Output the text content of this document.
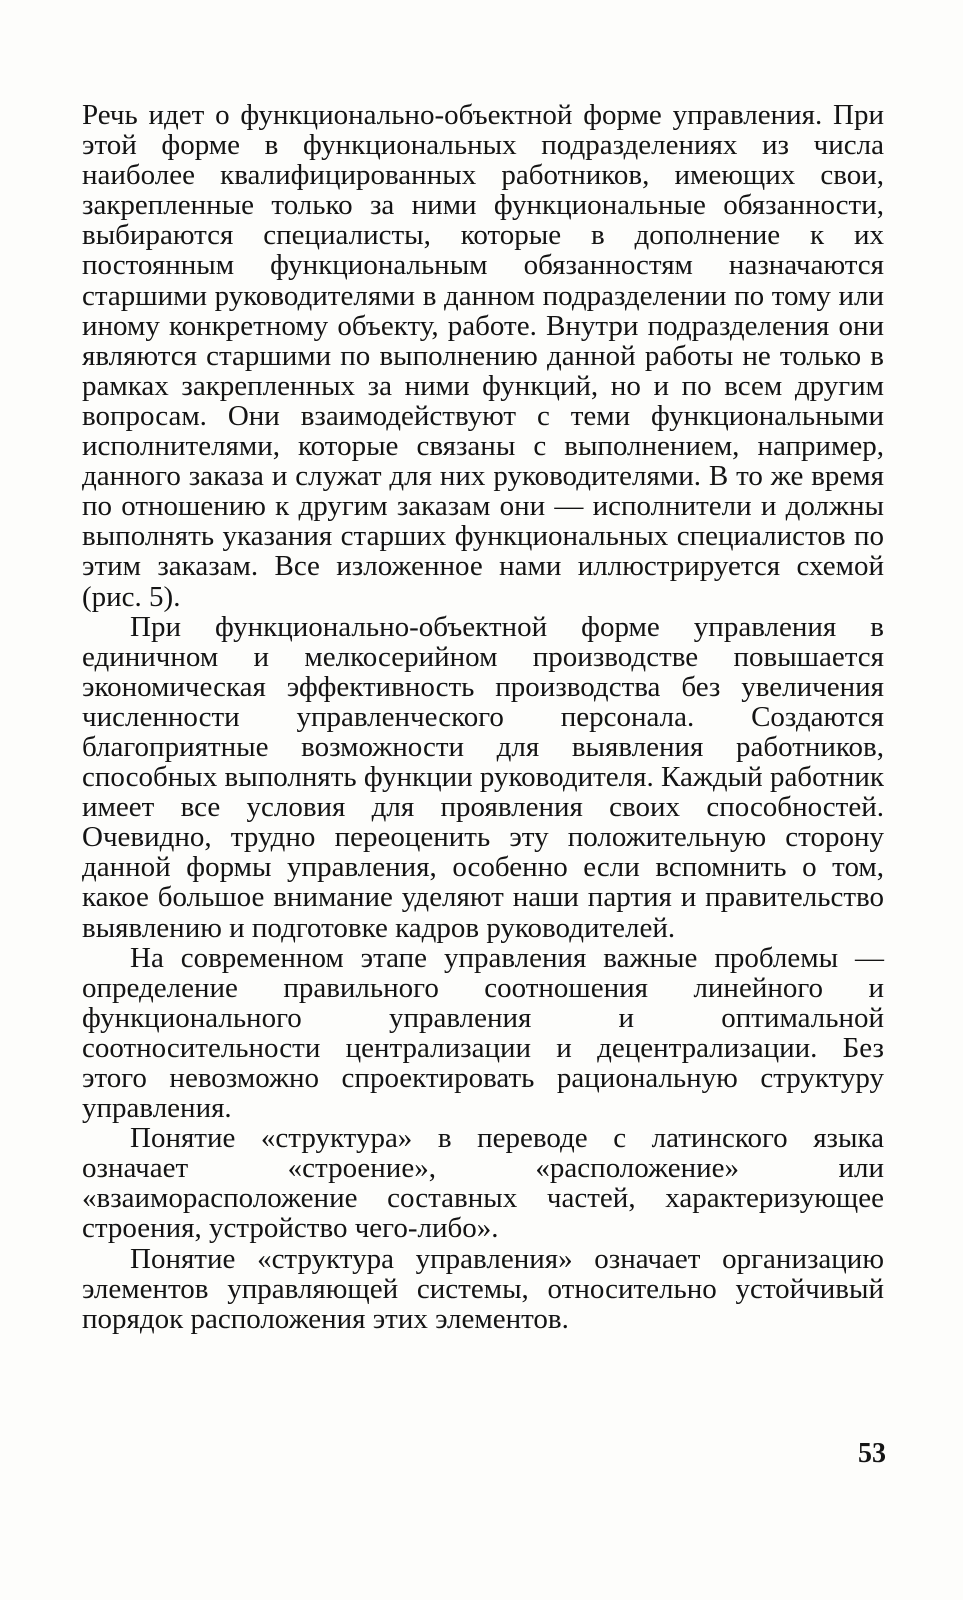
Речь идет о функционально-объектной форме управления. При этой форме в функциональных подразделениях из числа наиболее квалифицированных работников, имеющих свои, закрепленные только за ними функциональные обязанности, выбираются специалисты, которые в дополнение к их постоянным функциональным обязанностям назначаются старшими руководителями в данном подразделении по тому или иному конкретному объекту, работе. Внутри подразделения они являются старшими по выполнению данной работы не только в рамках закрепленных за ними функций, но и по всем другим вопросам. Они взаимодействуют с теми функциональными исполнителями, которые связаны с выполнением, например, данного заказа и служат для них руководителями. В то же время по отношению к другим заказам они — исполнители и должны выполнять указания старших функциональных специалистов по этим заказам. Все изложенное нами иллюстрируется схемой (рис. 5).

При функционально-объектной форме управления в единичном и мелкосерийном производстве повышается экономическая эффективность производства без увеличения численности управленческого персонала. Создаются благоприятные возможности для выявления работников, способных выполнять функции руководителя. Каждый работник имеет все условия для проявления своих способностей. Очевидно, трудно переоценить эту положительную сторону данной формы управления, особенно если вспомнить о том, какое большое внимание уделяют наши партия и правительство выявлению и подготовке кадров руководителей.

На современном этапе управления важные проблемы — определение правильного соотношения линейного и функционального управления и оптимальной соотносительности централизации и децентрализации. Без этого невозможно спроектировать рациональную структуру управления.

Понятие «структура» в переводе с латинского языка означает «строение», «расположение» или «взаиморасположение составных частей, характеризующее строения, устройство чего-либо».

Понятие «структура управления» означает организацию элементов управляющей системы, относительно устойчивый порядок расположения этих элементов.

53
